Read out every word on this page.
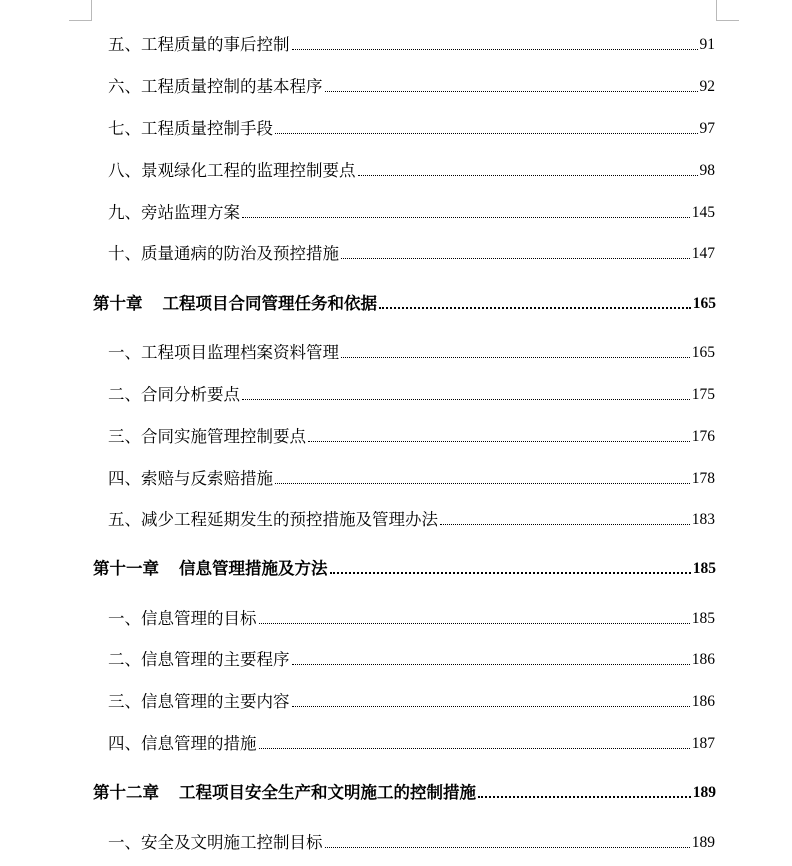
五、工程质量的事后控制	91
六、工程质量控制的基本程序	92
七、工程质量控制手段	97
八、景观绿化工程的监理控制要点	98
九、旁站监理方案	145
十、质量通病的防治及预控措施	147
第十章 工程项目合同管理任务和依据	165
一、工程项目监理档案资料管理	165
二、合同分析要点	175
三、合同实施管理控制要点	176
四、索赔与反索赔措施	178
五、减少工程延期发生的预控措施及管理办法	183
第十一章 信息管理措施及方法	185
一、信息管理的目标	185
二、信息管理的主要程序	186
三、信息管理的主要内容	186
四、信息管理的措施	187
第十二章 工程项目安全生产和文明施工的控制措施	189
一、安全及文明施工控制目标	189
